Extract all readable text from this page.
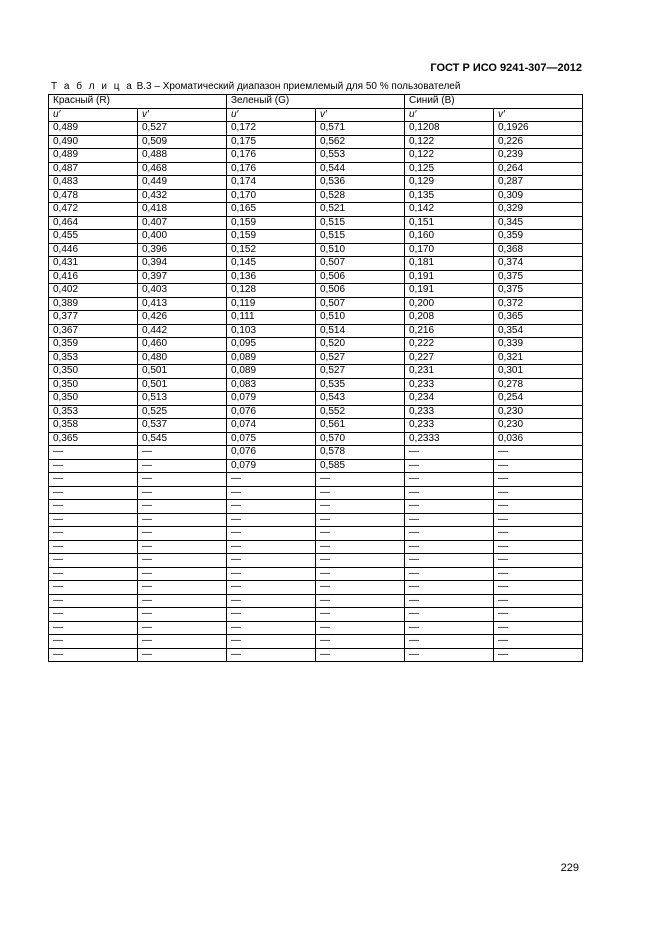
ГОСТ Р ИСО 9241-307—2012
Т а б л и ц а В.3 – Хроматический диапазон приемлемый для 50 % пользователей
Красный (R)		Зеленый (G)		Синий (B)	
u′	v′	u′	v′	u′	v′
0,489	0,527	0,172	0,571	0,1208	0,1926
0,490	0,509	0,175	0,562	0,122	0,226
0,489	0,488	0,176	0,553	0,122	0,239
0,487	0,468	0,176	0,544	0,125	0,264
0,483	0,449	0,174	0,536	0,129	0,287
0,478	0,432	0,170	0,528	0,135	0,309
0,472	0,418	0,165	0,521	0,142	0,329
0,464	0,407	0,159	0,515	0,151	0,345
0,455	0,400	0,159	0,515	0,160	0,359
0,446	0,396	0,152	0,510	0,170	0,368
0,431	0,394	0,145	0,507	0,181	0,374
0,416	0,397	0,136	0,506	0,191	0,375
0,402	0,403	0,128	0,506	0,191	0,375
0,389	0,413	0,119	0,507	0,200	0,372
0,377	0,426	0,111	0,510	0,208	0,365
0,367	0,442	0,103	0,514	0,216	0,354
0,359	0,460	0,095	0,520	0,222	0,339
0,353	0,480	0,089	0,527	0,227	0,321
0,350	0,501	0,089	0,527	0,231	0,301
0,350	0,501	0,083	0,535	0,233	0,278
0,350	0,513	0,079	0,543	0,234	0,254
0,353	0,525	0,076	0,552	0,233	0,230
0,358	0,537	0,074	0,561	0,233	0,230
0,365	0,545	0,075	0,570	0,2333	0,036
—	—	0,076	0,578	—	—
—	—	0,079	0,585	—	—
—	—	—	—	—	—
—	—	—	—	—	—
—	—	—	—	—	—
—	—	—	—	—	—
—	—	—	—	—	—
—	—	—	—	—	—
—	—	—	—	—	—
—	—	—	—	—	—
—	—	—	—	—	—
—	—	—	—	—	—
—	—	—	—	—	—
—	—	—	—	—	—
—	—	—	—	—	—
—	—	—	—	—	—
229
